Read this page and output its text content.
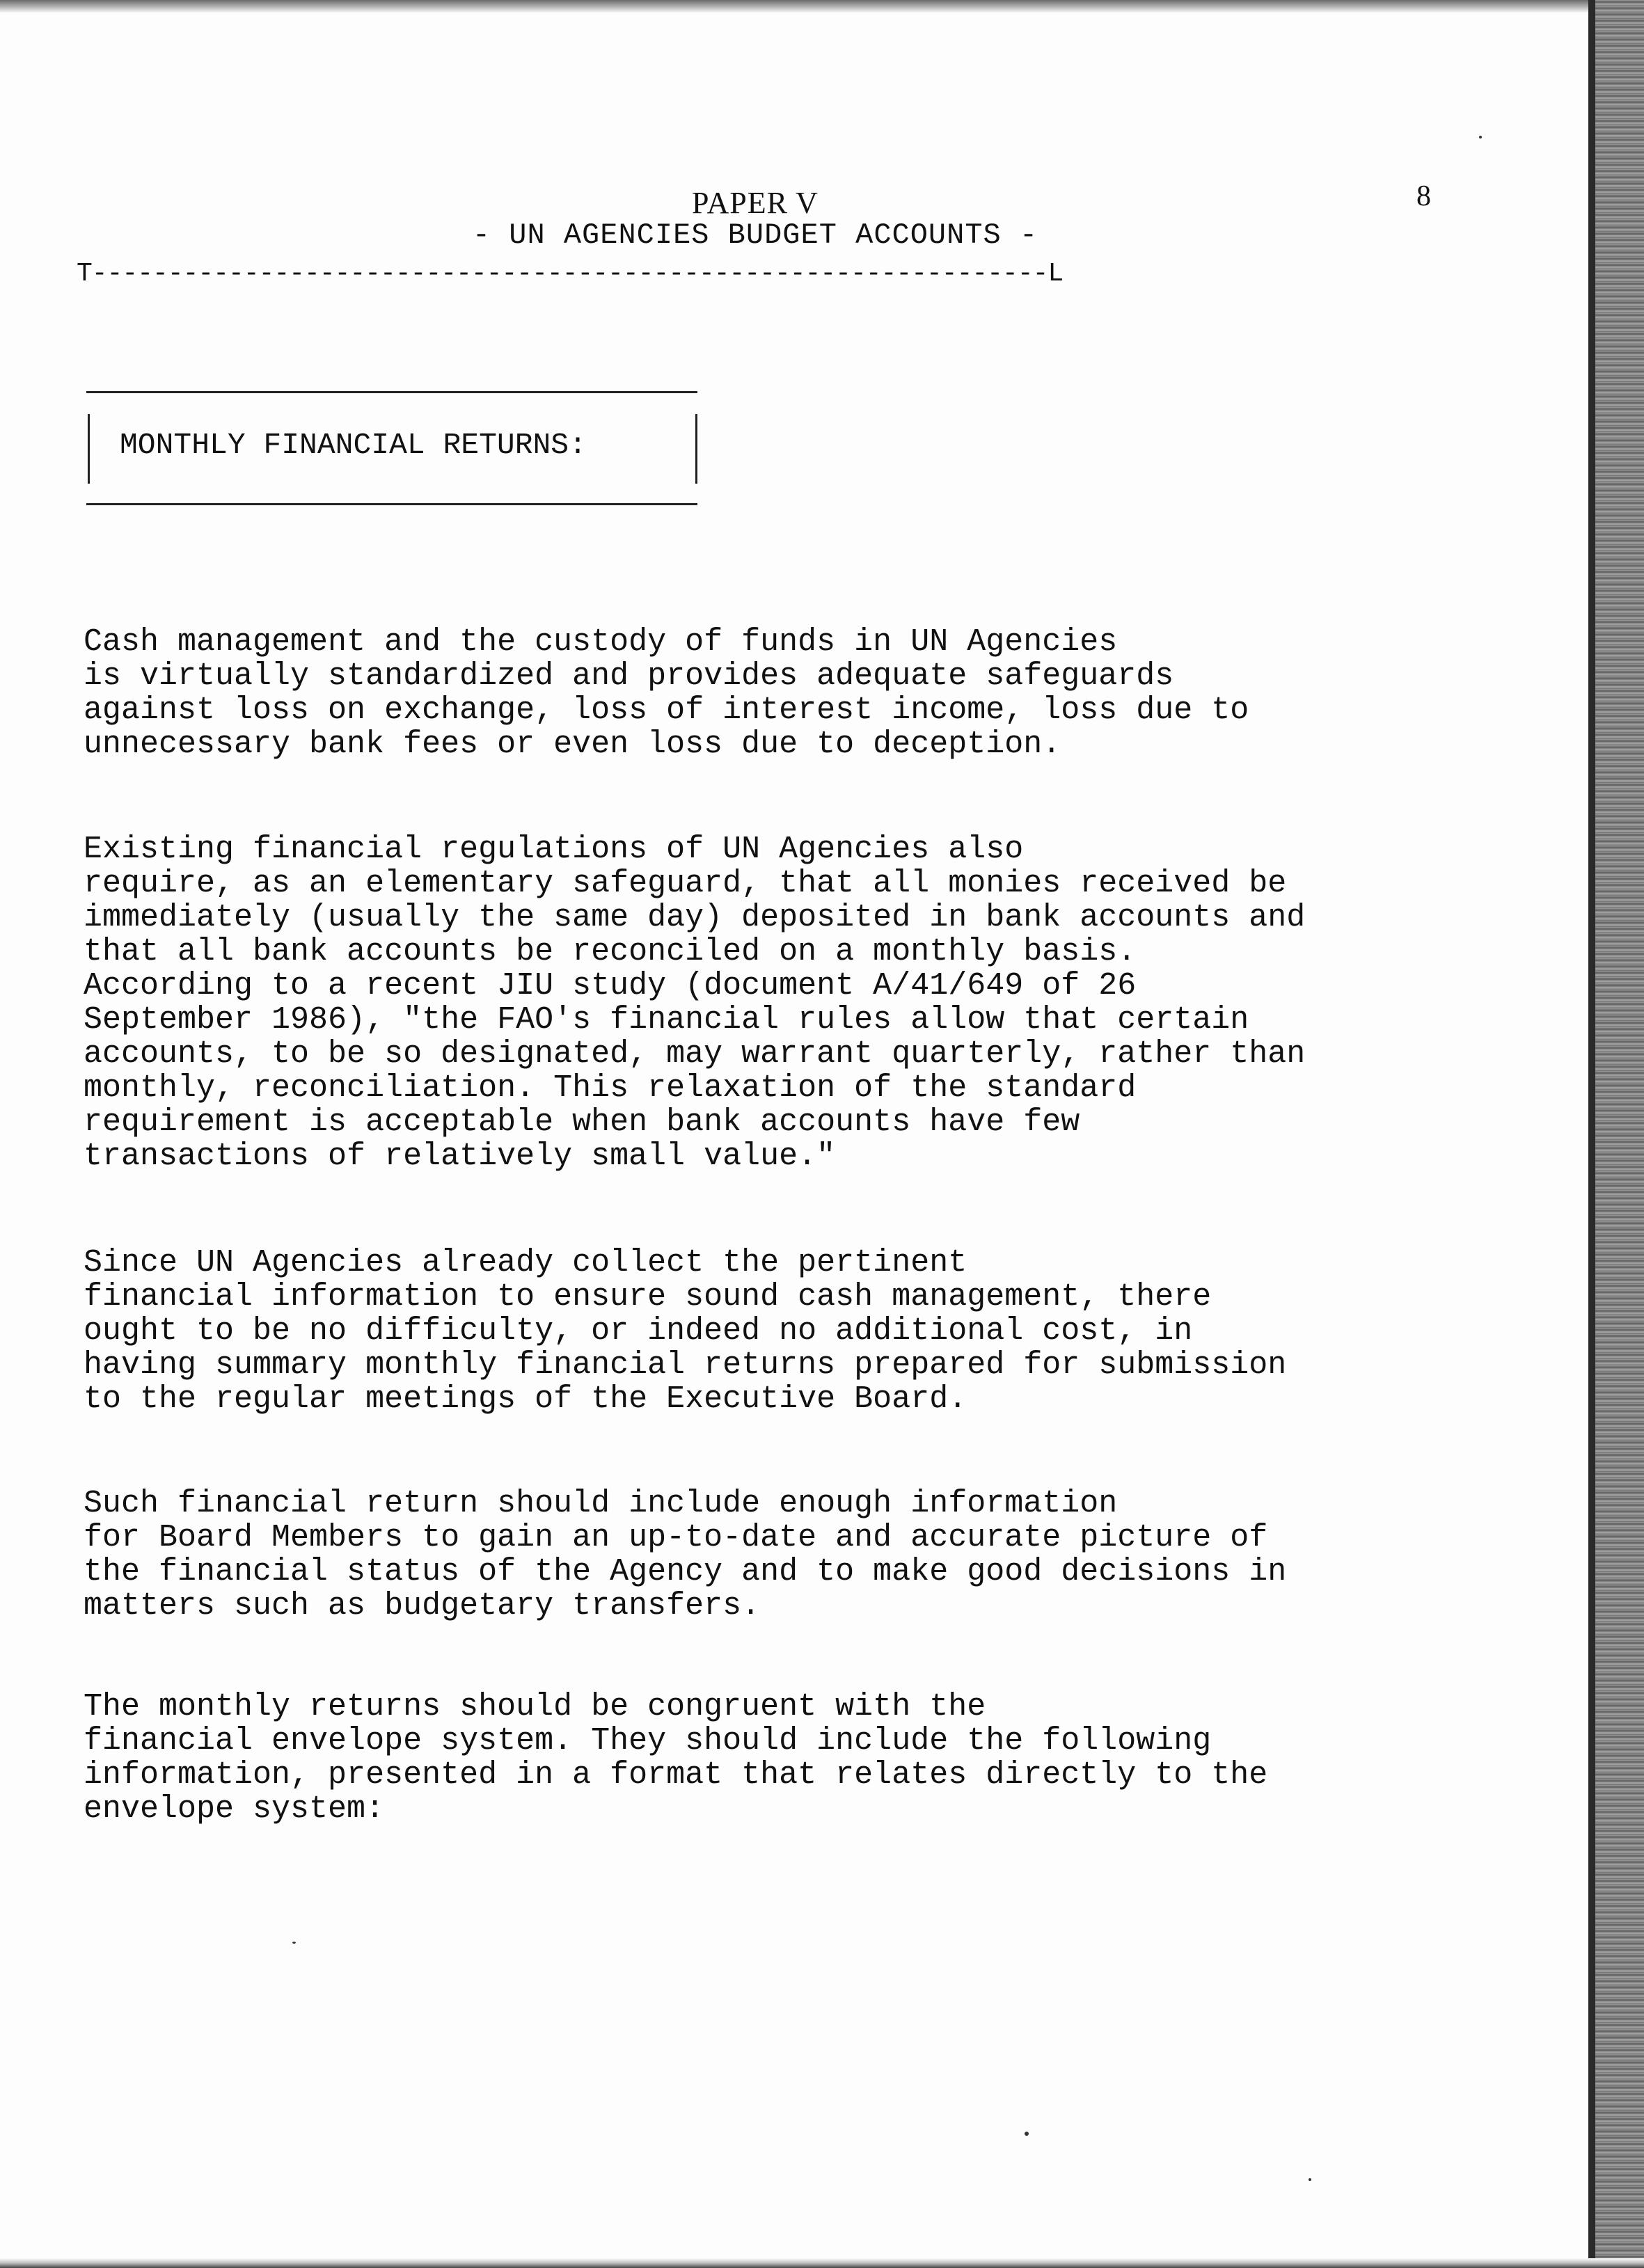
PAPER V
- UN AGENCIES BUDGET ACCOUNTS -
8
T---------------------------------------------------------------L
MONTHLY FINANCIAL RETURNS:
Cash management and the custody of funds in UN Agencies
is virtually standardized and provides adequate safeguards
against loss on exchange, loss of interest income, loss due to
unnecessary bank fees or even loss due to deception.
Existing financial regulations of UN Agencies also
require, as an elementary safeguard, that all monies received be
immediately (usually the same day) deposited in bank accounts and
that all bank accounts be reconciled on a monthly basis.
According to a recent JIU study (document A/41/649 of 26
September 1986), "the FAO's financial rules allow that certain
accounts, to be so designated, may warrant quarterly, rather than
monthly, reconciliation. This relaxation of the standard
requirement is acceptable when bank accounts have few
transactions of relatively small value."
Since UN Agencies already collect the pertinent
financial information to ensure sound cash management, there
ought to be no difficulty, or indeed no additional cost, in
having summary monthly financial returns prepared for submission
to the regular meetings of the Executive Board.
Such financial return should include enough information
for Board Members to gain an up-to-date and accurate picture of
the financial status of the Agency and to make good decisions in
matters such as budgetary transfers.
The monthly returns should be congruent with the
financial envelope system. They should include the following
information, presented in a format that relates directly to the
envelope system:
